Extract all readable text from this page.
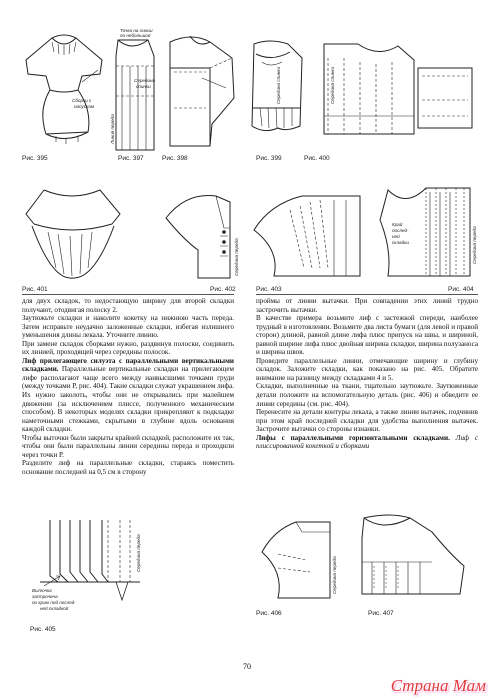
Сборки с
напуском
Точка на линии
по небольшой
Середина
спинки
Линия переда
Середина спинки	Середина спинки
Рис. 395	Рис. 397	Рис. 398	Рис. 399	Рис. 400
Середина переда
Край
послед-
ней
складки	Середина переда
Рис. 401	Рис. 402	Рис. 403	Рис. 404

для двух складок, то недостающую ширину для второй складки получают, отодвигая полоску 2.

Заутюжьте складки и наколите кокетку на нижнюю часть переда. Затем исправьте неудачно заложенные складки, избегая излишнего уменьшения длины лекала. Уточните линию.

При замене складок сборками нужно, раздвинув полоски, соединить их линией, проходящей через середины полосок.

Лиф прилегающего силуэта с параллельными вертикальными складками. Параллельные вертикальные складки на прилегающем лифе располагают чаще всего между наивысшими точками груди (между точками Р, рис. 404). Такие складки служат украшением лифа. Их нужно заколоть, чтобы они не открывались при малейшем движении (за исключением плиссе, полученного механическим способом). В некоторых моделях складки прикрепляют к подкладке наметочными стежками, скрытыми в глубине вдоль основания каждой складки.

Чтобы выточки были закрыты крайней складкой, расположите их так, чтобы они были параллельны линии середины переда и проходили через точки Р.

Разделите лиф на параллельные складки, стараясь поместить основание последней на 0,5 см в сторону

проймы от линии вытачки. При совпадении этих линий трудно застрочить вытачки.

В качестве примера возьмите лиф с застежкой спереди, наиболее трудный в изготовлении. Возьмите два листа бумаги (для левой и правой сторон) длиной, равной длине лифа плюс припуск на швы, и шириной, равной ширине лифа плюс двойная ширина складки, ширина полузаноса и ширина швов.

Проведите параллельные линии, отмечающие ширину и глубину складок. Заложите складки, как показано на рис. 405. Обратите внимание на разницу между складками 4 и 5.

Складки, выполненные на ткани, тщательно заутюжьте. Заутюженные детали положите на вспомогательную деталь (рис. 406) и обведите ее линии середины (см. рис. 404).

Перенесите на детали контуры лекала, а также линии вытачек, подчинив при этом край последней складки для удобства выполнения вытачек. Застрочите вытачки со стороны изнанки.

Лифы с параллельными горизонтальными складками. Лиф с плиссированной кокеткой и сборками

Середина переда
Выточка
застрочена
по краю под послед-
ней складкой
Середина переда
Рис. 405
Рис. 406	Рис. 407
70
Страна Мам
